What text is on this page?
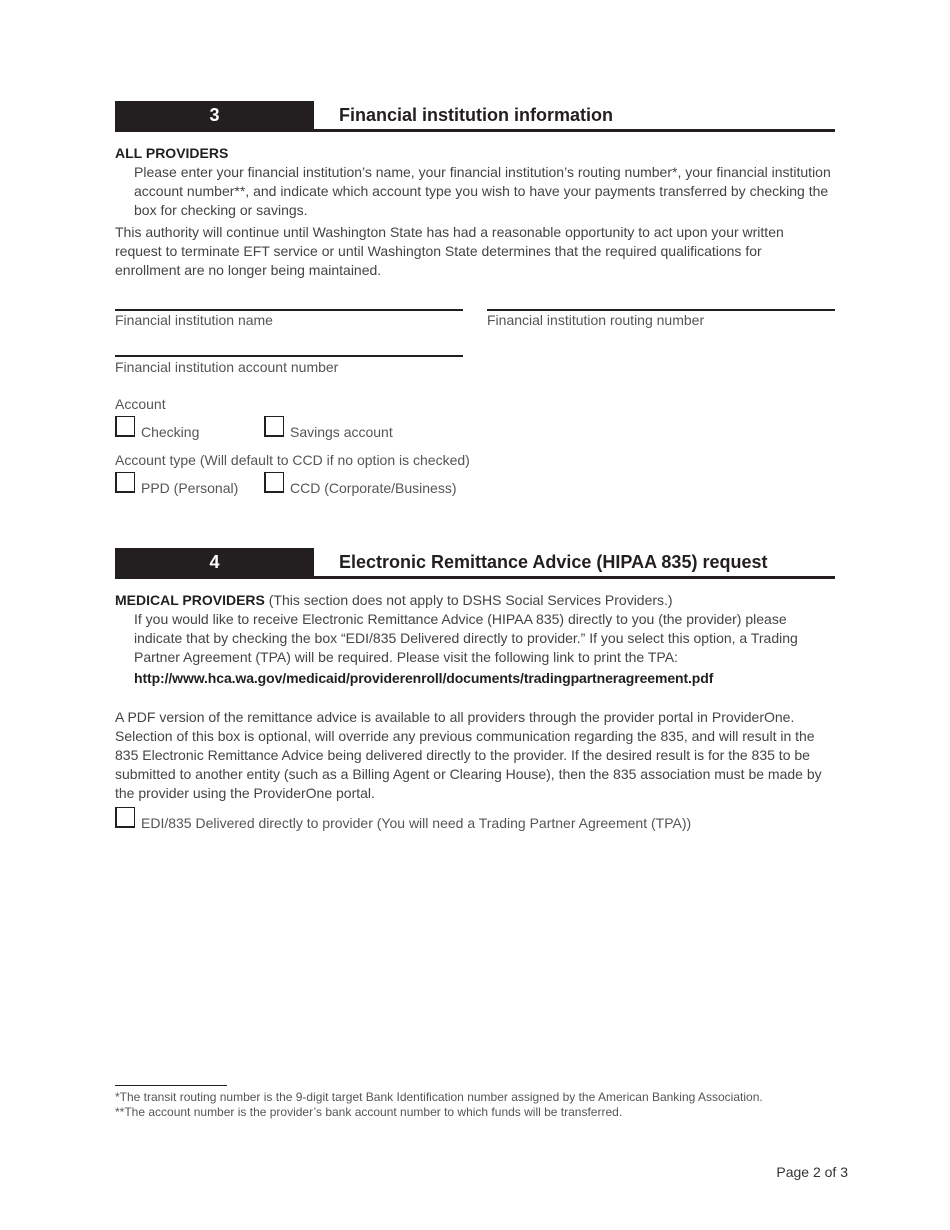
3	Financial institution information
ALL PROVIDERS
Please enter your financial institution’s name, your financial institution’s routing number*, your financial institution account number**, and indicate which account type you wish to have your payments transferred by checking the box for checking or savings.
This authority will continue until Washington State has had a reasonable opportunity to act upon your written request to terminate EFT service or until Washington State determines that the required qualifications for enrollment are no longer being maintained.
Financial institution name	Financial institution routing number
Financial institution account number
Account
Checking	Savings account
Account type (Will default to CCD if no option is checked)
PPD (Personal)	CCD (Corporate/Business)
4	Electronic Remittance Advice (HIPAA 835) request
MEDICAL PROVIDERS (This section does not apply to DSHS Social Services Providers.)
If you would like to receive Electronic Remittance Advice (HIPAA 835) directly to you (the provider) please indicate that by checking the box “EDI/835 Delivered directly to provider.” If you select this option, a Trading Partner Agreement (TPA) will be required. Please visit the following link to print the TPA:
http://www.hca.wa.gov/medicaid/providerenroll/documents/tradingpartneragreement.pdf
A PDF version of the remittance advice is available to all providers through the provider portal in ProviderOne. Selection of this box is optional, will override any previous communication regarding the 835, and will result in the 835 Electronic Remittance Advice being delivered directly to the provider. If the desired result is for the 835 to be submitted to another entity (such as a Billing Agent or Clearing House), then the 835 association must be made by the provider using the ProviderOne portal.
EDI/835 Delivered directly to provider (You will need a Trading Partner Agreement (TPA))
*The transit routing number is the 9-digit target Bank Identification number assigned by the American Banking Association.
**The account number is the provider’s bank account number to which funds will be transferred.
Page 2 of 3
